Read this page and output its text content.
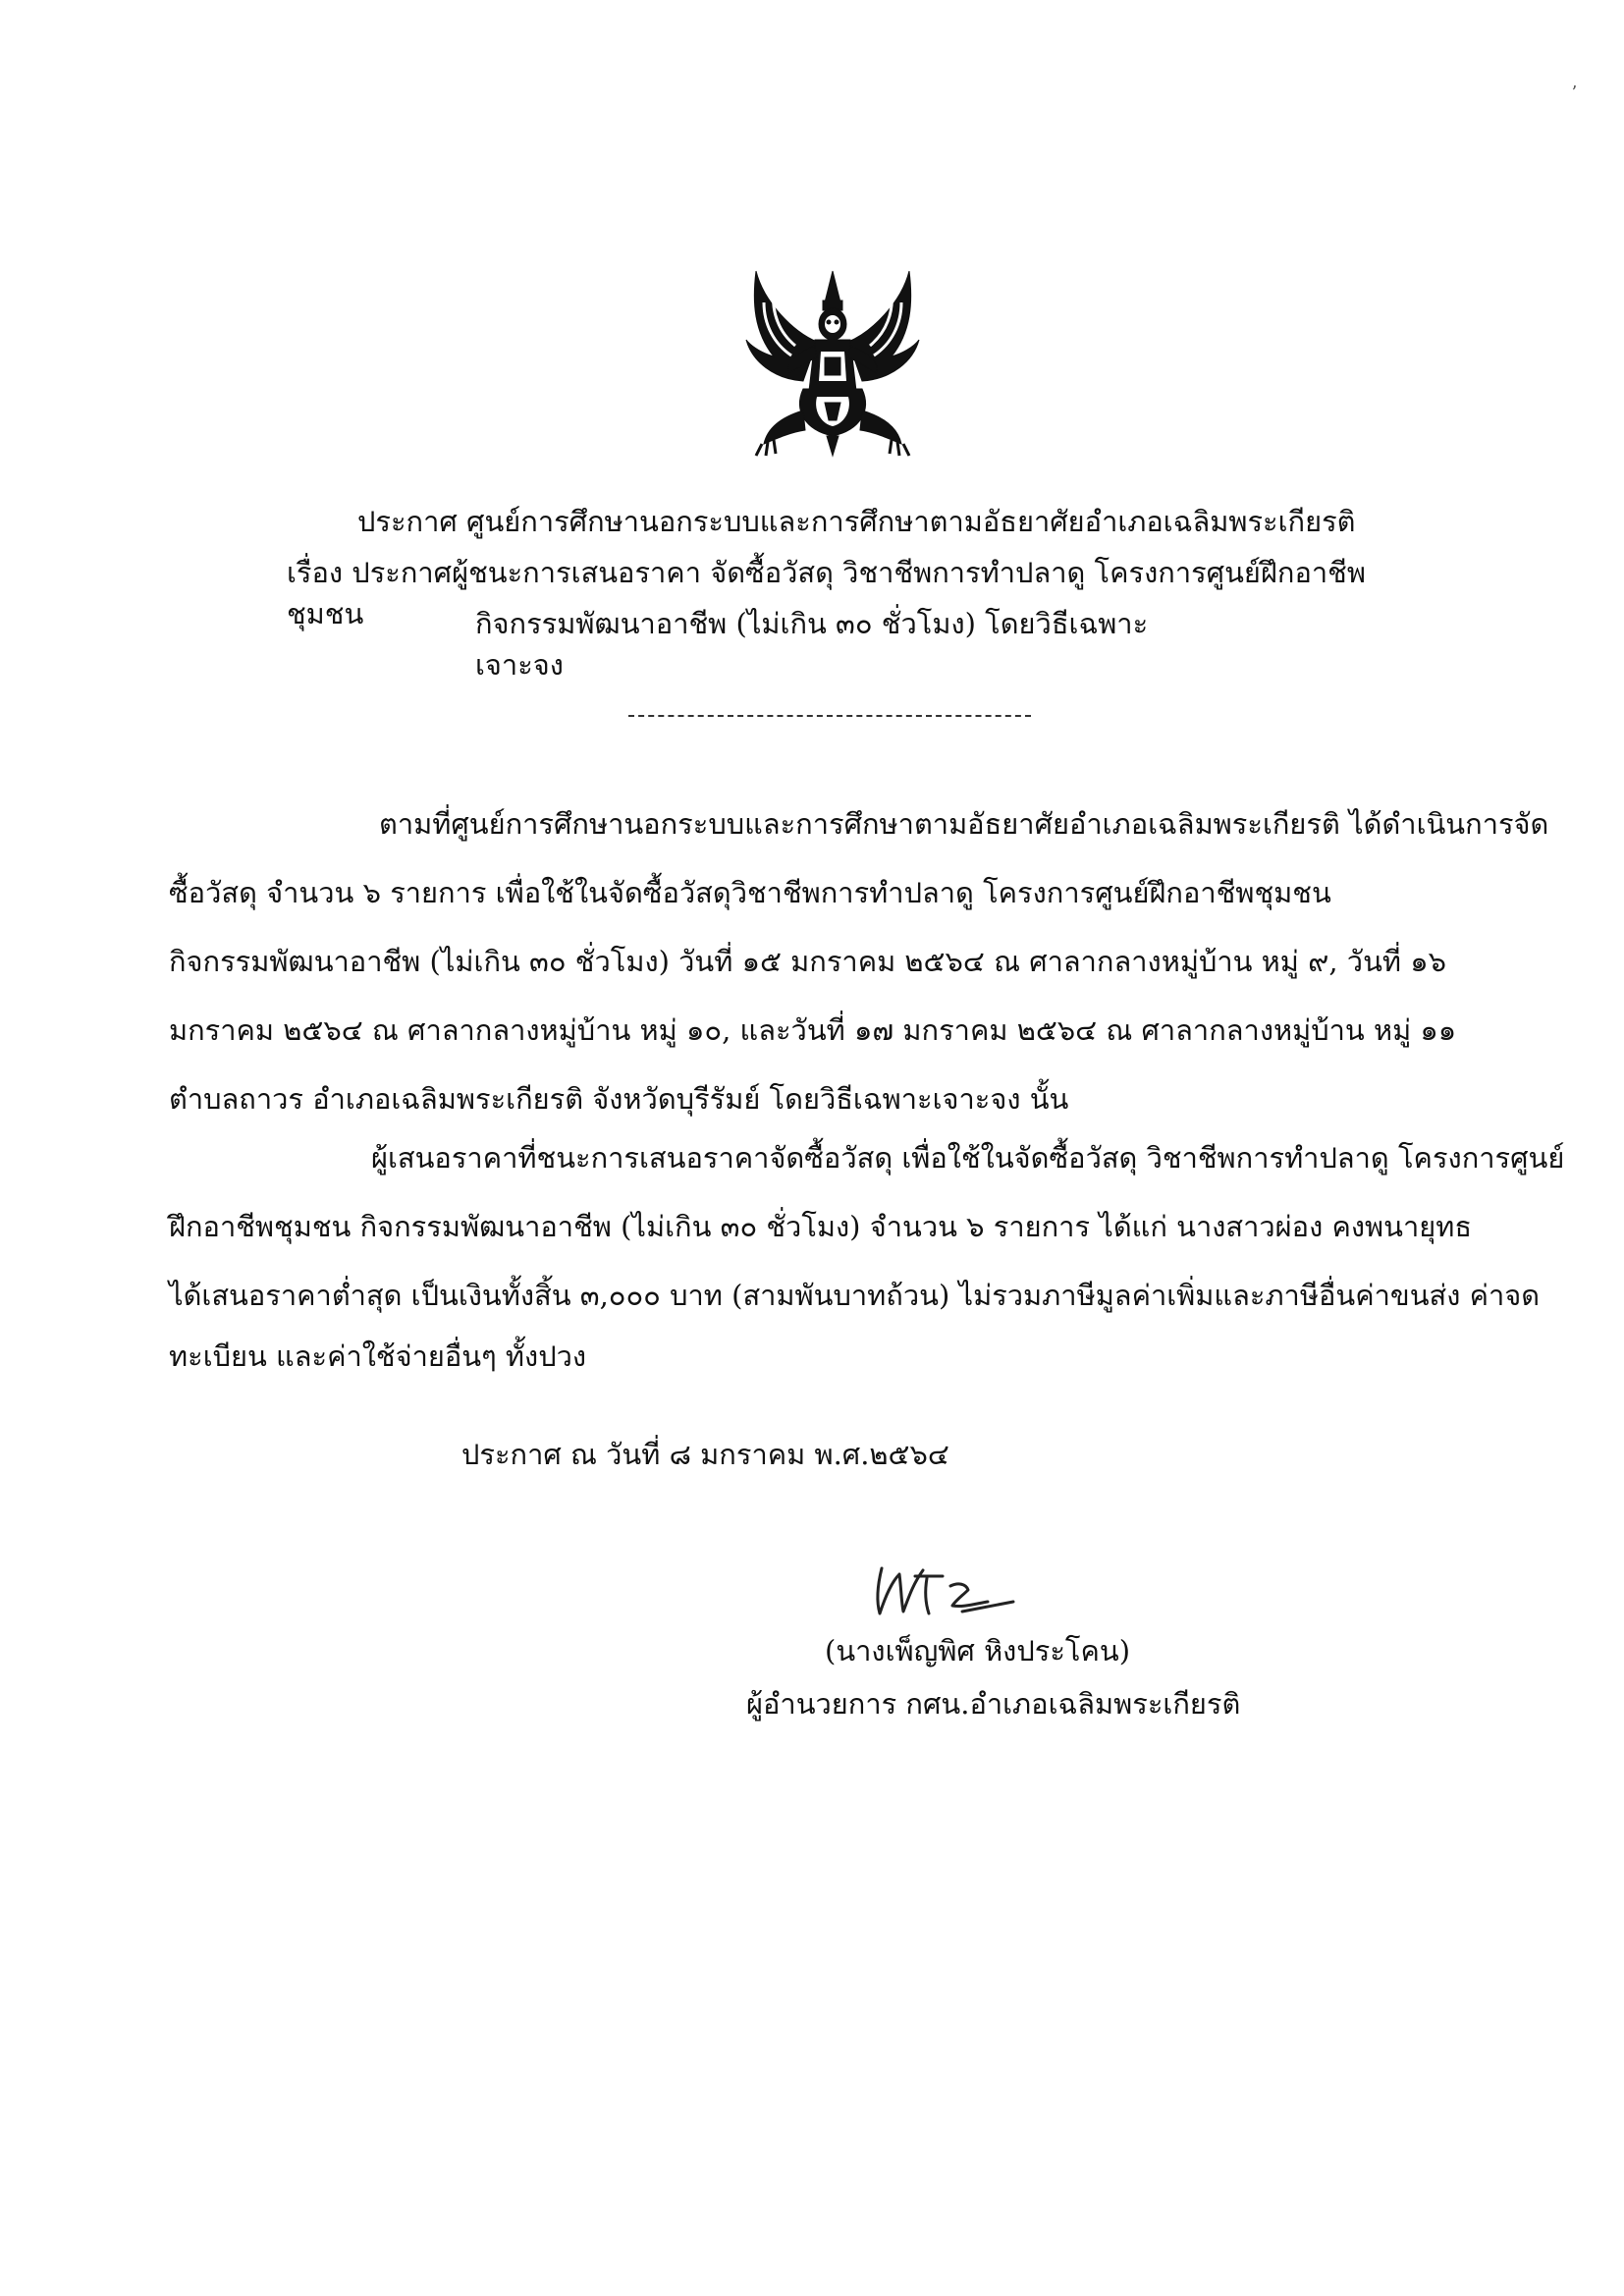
ประกาศ ศูนย์การศึกษานอกระบบและการศึกษาตามอัธยาศัยอำเภอเฉลิมพระเกียรติ
เรื่อง ประกาศผู้ชนะการเสนอราคา จัดซื้อวัสดุ วิชาชีพการทำปลาดู โครงการศูนย์ฝึกอาชีพชุมชน	กิจกรรมพัฒนาอาชีพ (ไม่เกิน ๓๐ ชั่วโมง) โดยวิธีเฉพาะเจาะจง
ตามที่ศูนย์การศึกษานอกระบบและการศึกษาตามอัธยาศัยอำเภอเฉลิมพระเกียรติ ได้ดำเนินการจัด
ซื้อวัสดุ จำนวน ๖ รายการ เพื่อใช้ในจัดซื้อวัสดุวิชาชีพการทำปลาดู โครงการศูนย์ฝึกอาชีพชุมชน
กิจกรรมพัฒนาอาชีพ (ไม่เกิน ๓๐ ชั่วโมง) วันที่ ๑๕ มกราคม ๒๕๖๔ ณ ศาลากลางหมู่บ้าน หมู่ ๙, วันที่ ๑๖
มกราคม ๒๕๖๔ ณ ศาลากลางหมู่บ้าน หมู่ ๑๐, และวันที่ ๑๗ มกราคม ๒๕๖๔ ณ ศาลากลางหมู่บ้าน หมู่ ๑๑
ตำบลถาวร อำเภอเฉลิมพระเกียรติ จังหวัดบุรีรัมย์ โดยวิธีเฉพาะเจาะจง นั้น
ผู้เสนอราคาที่ชนะการเสนอราคาจัดซื้อวัสดุ เพื่อใช้ในจัดซื้อวัสดุ วิชาชีพการทำปลาดู โครงการศูนย์
ฝึกอาชีพชุมชน กิจกรรมพัฒนาอาชีพ (ไม่เกิน ๓๐ ชั่วโมง) จำนวน ๖ รายการ ได้แก่ นางสาวผ่อง คงพนายุทธ
ได้เสนอราคาต่ำสุด เป็นเงินทั้งสิ้น ๓,๐๐๐ บาท (สามพันบาทถ้วน) ไม่รวมภาษีมูลค่าเพิ่มและภาษีอื่นค่าขนส่ง ค่าจด
ทะเบียน และค่าใช้จ่ายอื่นๆ ทั้งปวง
ประกาศ ณ วันที่ ๘ มกราคม พ.ศ.๒๕๖๔
(นางเพ็ญพิศ หิงประโคน)
ผู้อำนวยการ กศน.อำเภอเฉลิมพระเกียรติ
ʼ
